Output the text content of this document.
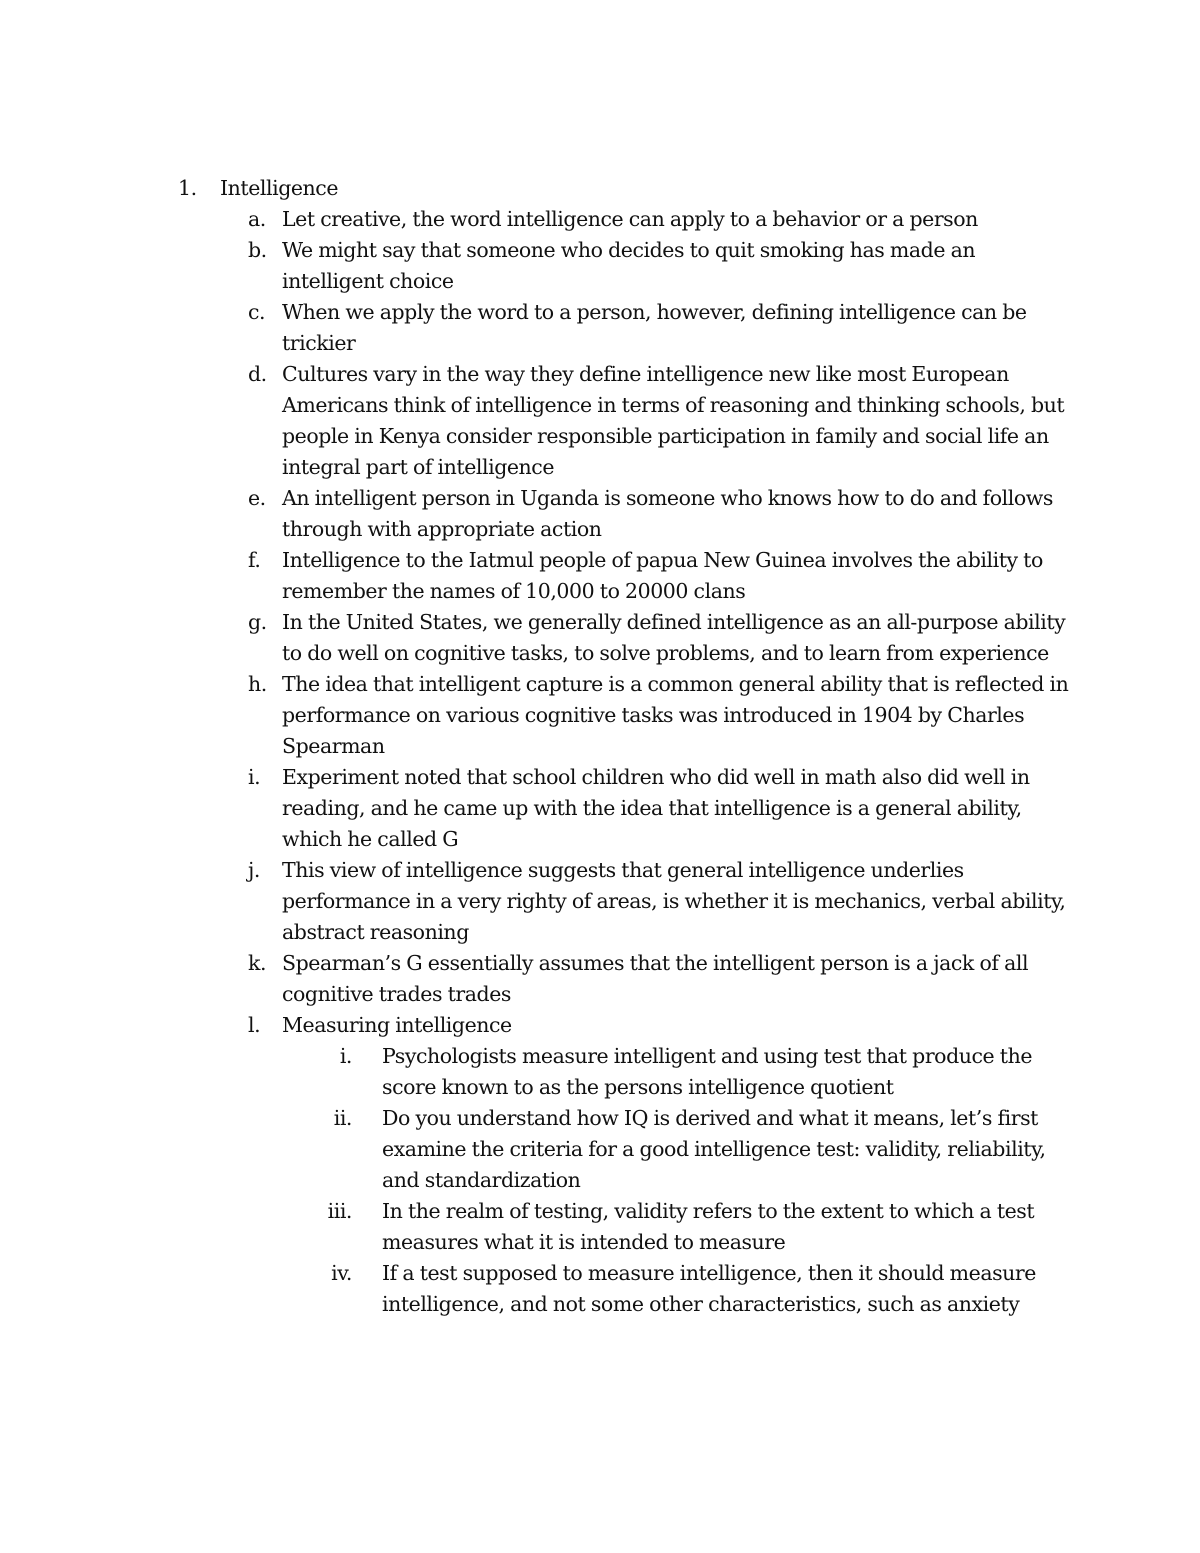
1.	Intelligence
a. Let creative, the word intelligence can apply to a behavior or a person
b. We might say that someone who decides to quit smoking has made an intelligent choice
c. When we apply the word to a person, however, defining intelligence can be trickier
d. Cultures vary in the way they define intelligence new like most European Americans think of intelligence in terms of reasoning and thinking schools, but people in Kenya consider responsible participation in family and social life an integral part of intelligence
e. An intelligent person in Uganda is someone who knows how to do and follows through with appropriate action
f.	Intelligence to the Iatmul people of papua New Guinea involves the ability to remember the names of 10,000 to 20000 clans
g. In the United States, we generally defined intelligence as an all-purpose ability to do well on cognitive tasks, to solve problems, and to learn from experience
h. The idea that intelligent capture is a common general ability that is reflected in performance on various cognitive tasks was introduced in 1904 by Charles Spearman
i.	Experiment noted that school children who did well in math also did well in reading, and he came up with the idea that intelligence is a general ability, which he called G
j.	This view of intelligence suggests that general intelligence underlies performance in a very righty of areas, is whether it is mechanics, verbal ability, abstract reasoning
k. Spearman’s G essentially assumes that the intelligent person is a jack of all cognitive trades trades
l.	Measuring intelligence
i.	Psychologists measure intelligent and using test that produce the score known to as the persons intelligence quotient
ii.	Do you understand how IQ is derived and what it means, let’s first examine the criteria for a good intelligence test: validity, reliability, and standardization
iii.	In the realm of testing, validity refers to the extent to which a test measures what it is intended to measure
iv.	If a test supposed to measure intelligence, then it should measure intelligence, and not some other characteristics, such as anxiety
